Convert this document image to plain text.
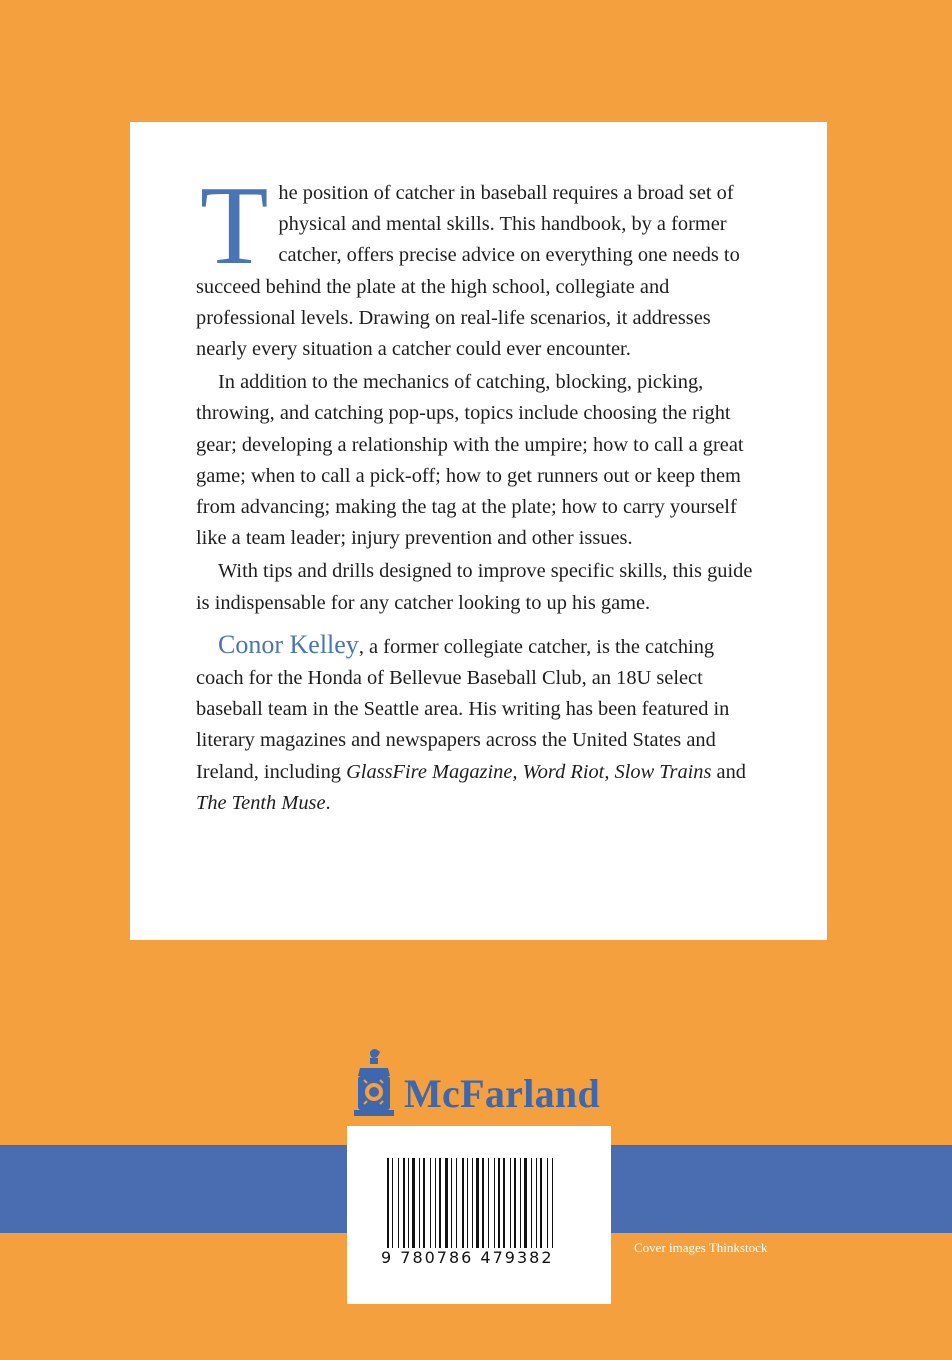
The position of catcher in baseball requires a broad set of physical and mental skills. This handbook, by a former catcher, offers precise advice on everything one needs to succeed behind the plate at the high school, collegiate and professional levels. Drawing on real-life scenarios, it addresses nearly every situation a catcher could ever encounter.

In addition to the mechanics of catching, blocking, picking, throwing, and catching pop-ups, topics include choosing the right gear; developing a relationship with the umpire; how to call a great game; when to call a pick-off; how to get runners out or keep them from advancing; making the tag at the plate; how to carry yourself like a team leader; injury prevention and other issues.

With tips and drills designed to improve specific skills, this guide is indispensable for any catcher looking to up his game.

Conor Kelley, a former collegiate catcher, is the catching coach for the Honda of Bellevue Baseball Club, an 18U select baseball team in the Seattle area. His writing has been featured in literary magazines and newspapers across the United States and Ireland, including GlassFire Magazine, Word Riot, Slow Trains and The Tenth Muse.

McFarland
Cover images Thinkstock
9 780786 479382
